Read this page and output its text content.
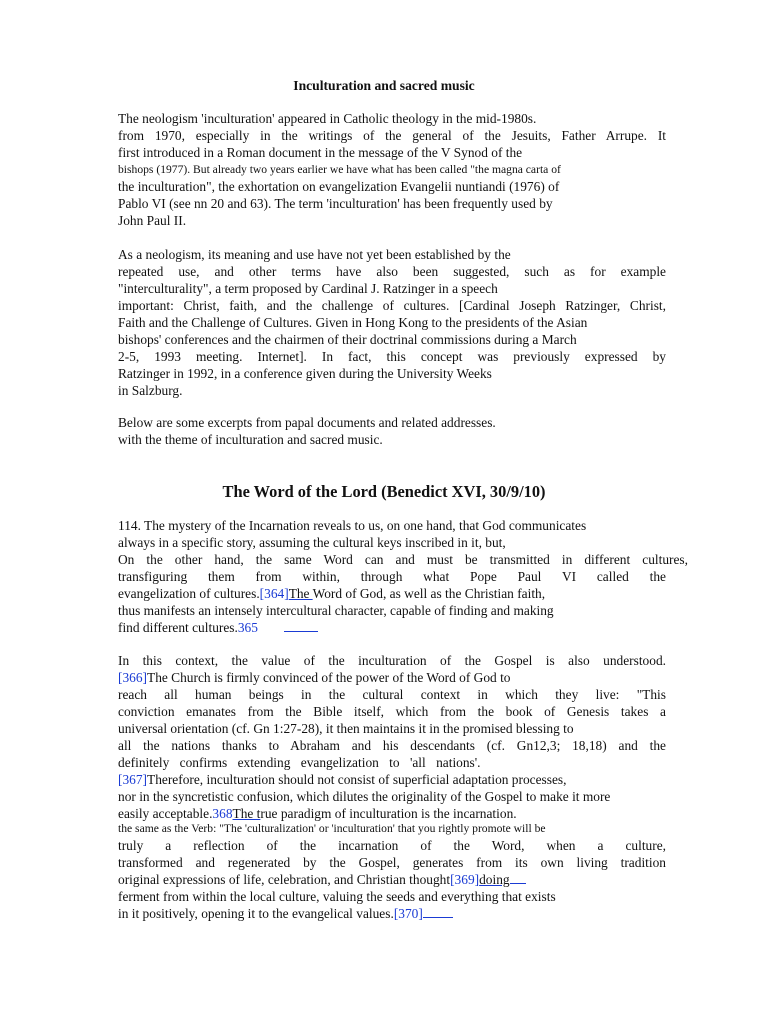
Inculturation and sacred music
The neologism 'inculturation' appeared in Catholic theology in the mid-1980s.
from 1970, especially in the writings of the general of the Jesuits, Father Arrupe. It
first introduced in a Roman document in the message of the V Synod of the
bishops (1977). But already two years earlier we have what has been called "the magna carta of
the inculturation", the exhortation on evangelization Evangelii nuntiandi (1976) of
Pablo VI (see nn 20 and 63). The term 'inculturation' has been frequently used by
John Paul II.
As a neologism, its meaning and use have not yet been established by the
repeated use, and other terms have also been suggested, such as for example
"interculturality", a term proposed by Cardinal J. Ratzinger in a speech
important: Christ, faith, and the challenge of cultures. [Cardinal Joseph Ratzinger, Christ,
Faith and the Challenge of Cultures. Given in Hong Kong to the presidents of the Asian
bishops' conferences and the chairmen of their doctrinal commissions during a March
2-5, 1993 meeting. Internet]. In fact, this concept was previously expressed by
Ratzinger in 1992, in a conference given during the University Weeks
in Salzburg.
Below are some excerpts from papal documents and related addresses.
with the theme of inculturation and sacred music.
The Word of the Lord (Benedict XVI, 30/9/10)
114. The mystery of the Incarnation reveals to us, on one hand, that God communicates
always in a specific story, assuming the cultural keys inscribed in it, but,
On the other hand, the same Word can and must be transmitted in different cultures,
transfiguring them from within, through what Pope Paul VI called the
evangelization of cultures.[364]The Word of God, as well as the Christian faith,
thus manifests an intensely intercultural character, capable of finding and making
find different cultures.365
In this context, the value of the inculturation of the Gospel is also understood.
[366]The Church is firmly convinced of the power of the Word of God to
reach all human beings in the cultural context in which they live: "This
conviction emanates from the Bible itself, which from the book of Genesis takes a
universal orientation (cf. Gn 1:27-28), it then maintains it in the promised blessing to
all the nations thanks to Abraham and his descendants (cf. Gn12,3; 18,18) and the
definitely confirms extending evangelization to 'all nations'.
[367]Therefore, inculturation should not consist of superficial adaptation processes,
nor in the syncretistic confusion, which dilutes the originality of the Gospel to make it more
easily acceptable.368The true paradigm of inculturation is the incarnation.
the same as the Verb: "The 'culturalization' or 'inculturation' that you rightly promote will be
truly a reflection of the incarnation of the Word, when a culture,
transformed and regenerated by the Gospel, generates from its own living tradition
original expressions of life, celebration, and Christian thought[369]doing
ferment from within the local culture, valuing the seeds and everything that exists
in it positively, opening it to the evangelical values.[370]
